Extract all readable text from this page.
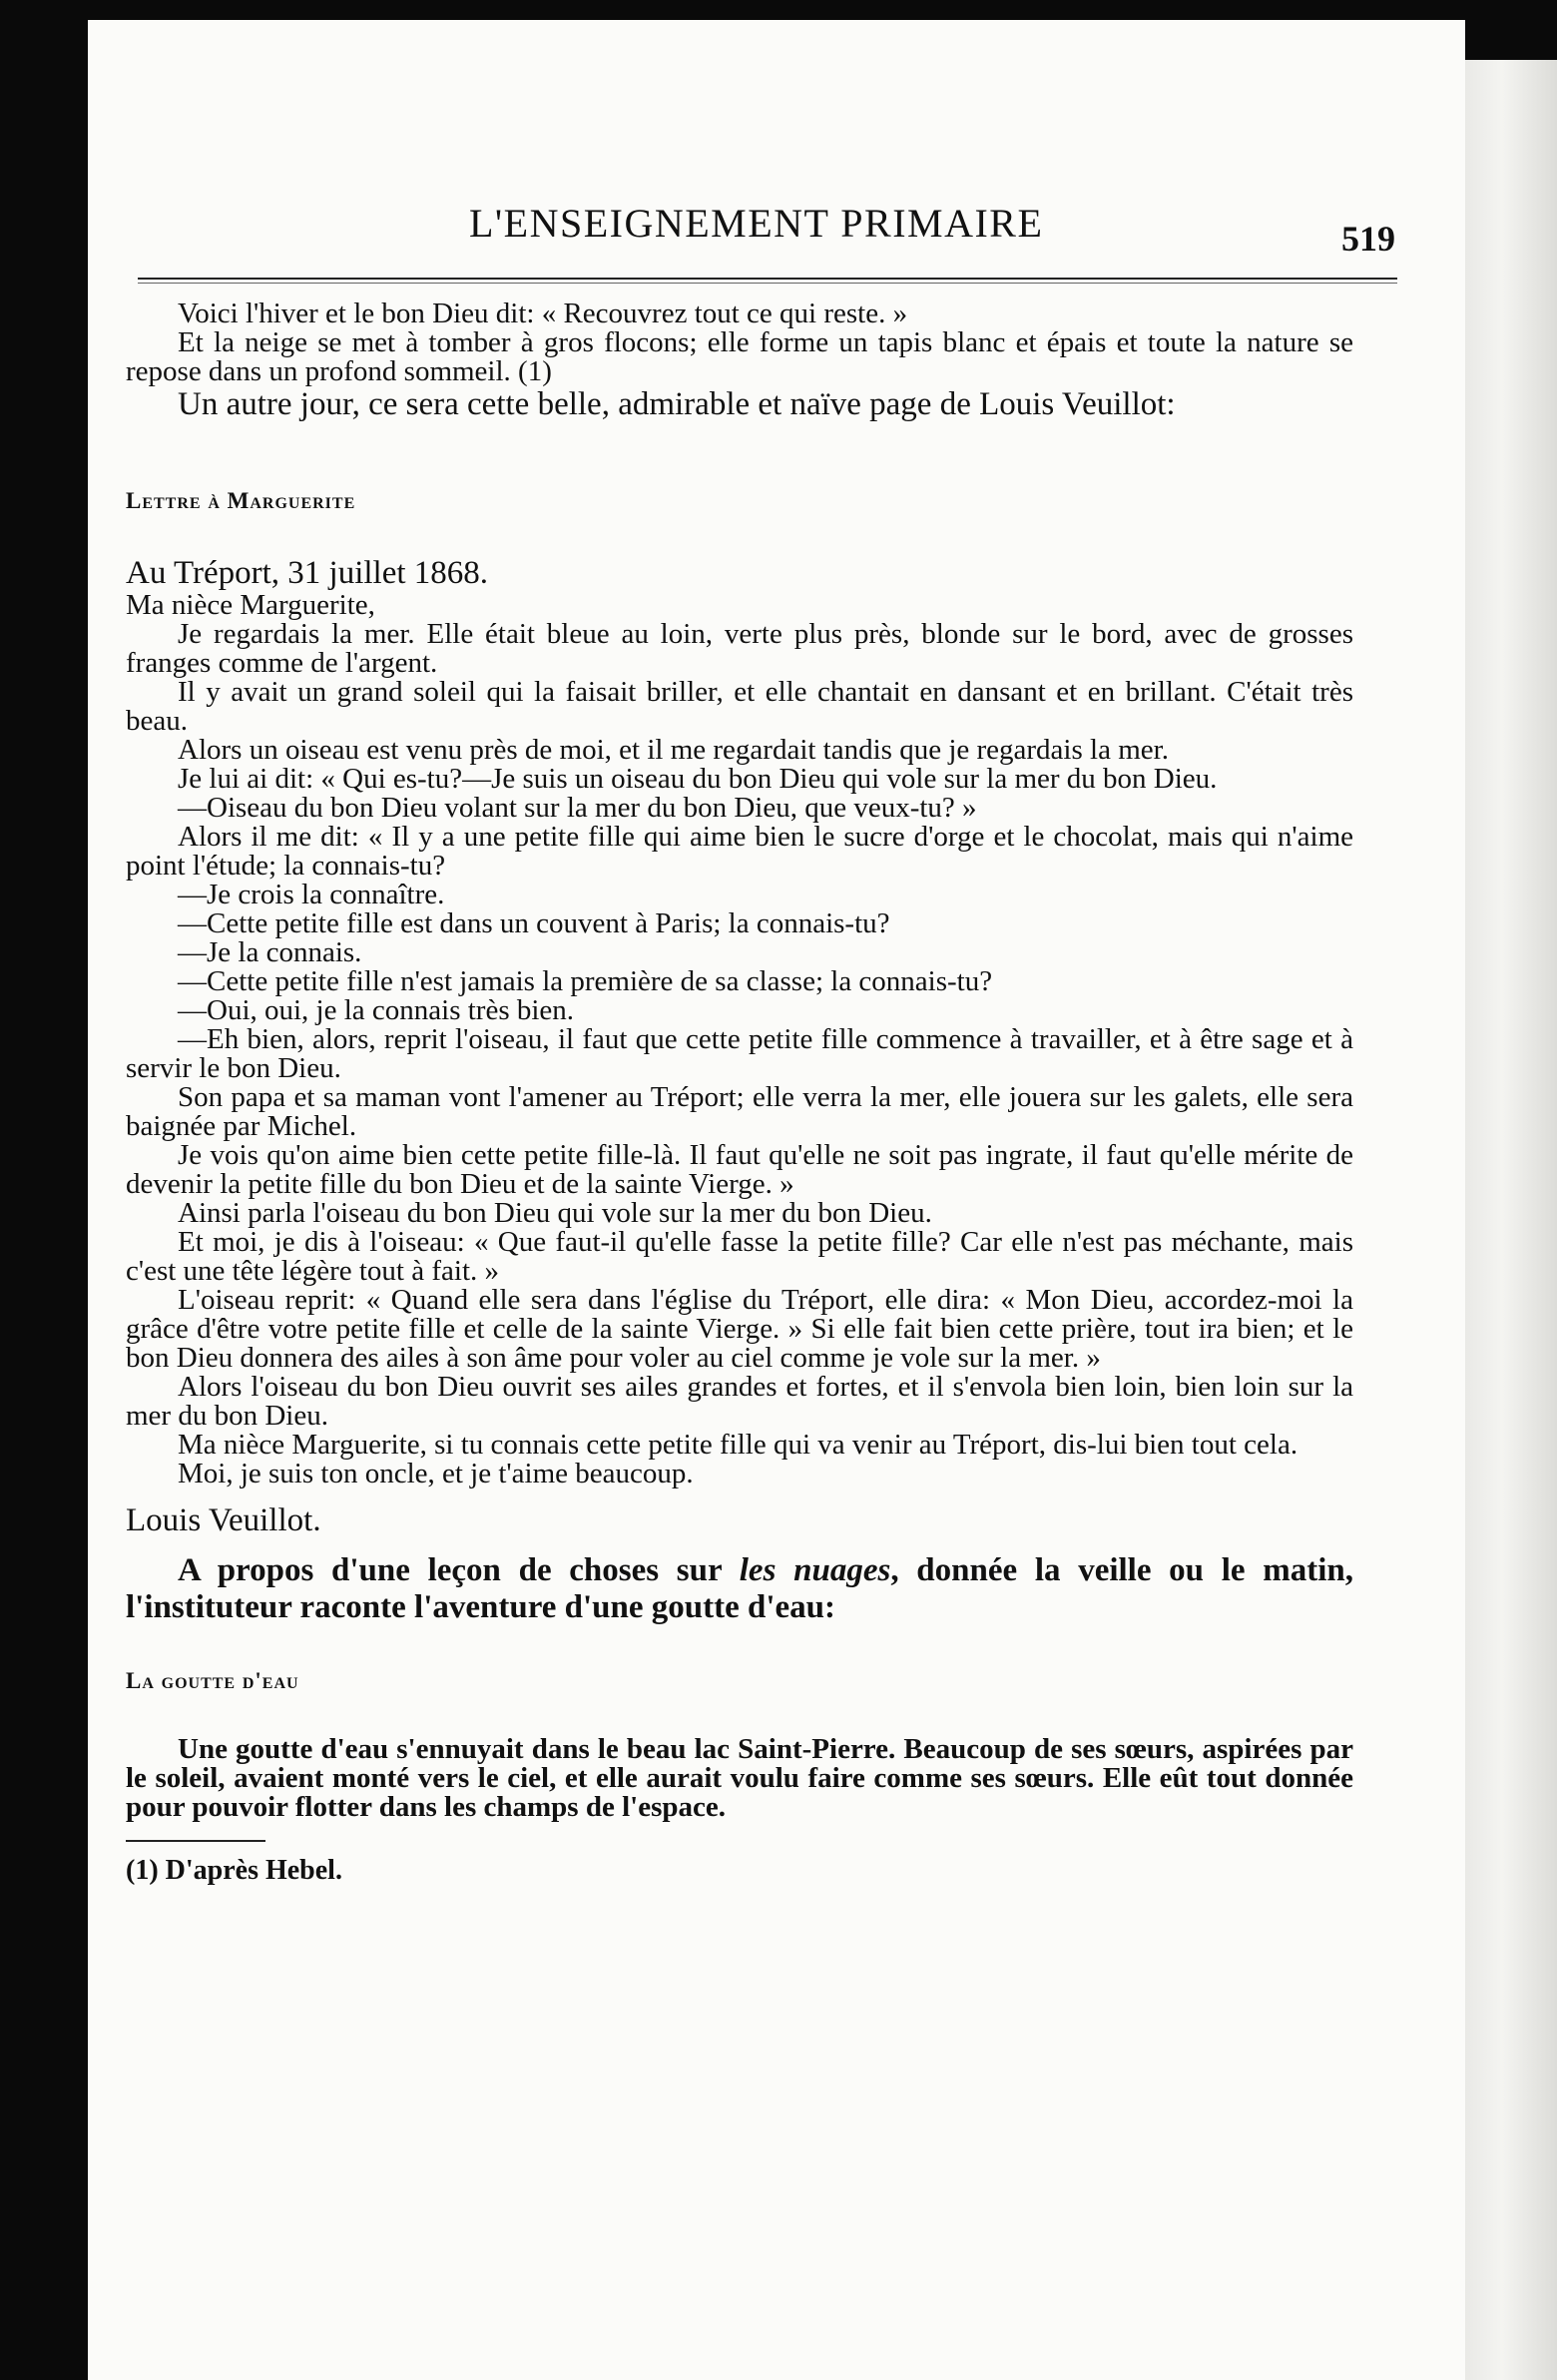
L'ENSEIGNEMENT PRIMAIRE	519

Voici l'hiver et le bon Dieu dit: « Recouvrez tout ce qui reste. »

Et la neige se met à tomber à gros flocons; elle forme un tapis blanc et épais et toute la nature se repose dans un profond sommeil. (1)

Un autre jour, ce sera cette belle, admirable et naïve page de Louis Veuillot:

Lettre à Marguerite

Au Tréport, 31 juillet 1868.

Ma nièce Marguerite,

Je regardais la mer. Elle était bleue au loin, verte plus près, blonde sur le bord, avec de grosses franges comme de l'argent.

Il y avait un grand soleil qui la faisait briller, et elle chantait en dansant et en brillant. C'était très beau.

Alors un oiseau est venu près de moi, et il me regardait tandis que je regardais la mer.

Je lui ai dit: « Qui es-tu?—Je suis un oiseau du bon Dieu qui vole sur la mer du bon Dieu.

—Oiseau du bon Dieu volant sur la mer du bon Dieu, que veux-tu? »

Alors il me dit: « Il y a une petite fille qui aime bien le sucre d'orge et le chocolat, mais qui n'aime point l'étude; la connais-tu?

—Je crois la connaître.

—Cette petite fille est dans un couvent à Paris; la connais-tu?

—Je la connais.

—Cette petite fille n'est jamais la première de sa classe; la connais-tu?

—Oui, oui, je la connais très bien.

—Eh bien, alors, reprit l'oiseau, il faut que cette petite fille commence à travailler, et à être sage et à servir le bon Dieu.

Son papa et sa maman vont l'amener au Tréport; elle verra la mer, elle jouera sur les galets, elle sera baignée par Michel.

Je vois qu'on aime bien cette petite fille-là. Il faut qu'elle ne soit pas ingrate, il faut qu'elle mérite de devenir la petite fille du bon Dieu et de la sainte Vierge. »

Ainsi parla l'oiseau du bon Dieu qui vole sur la mer du bon Dieu.

Et moi, je dis à l'oiseau: « Que faut-il qu'elle fasse la petite fille? Car elle n'est pas méchante, mais c'est une tête légère tout à fait. »

L'oiseau reprit: « Quand elle sera dans l'église du Tréport, elle dira: « Mon Dieu, accordez-moi la grâce d'être votre petite fille et celle de la sainte Vierge. » Si elle fait bien cette prière, tout ira bien; et le bon Dieu donnera des ailes à son âme pour voler au ciel comme je vole sur la mer. »

Alors l'oiseau du bon Dieu ouvrit ses ailes grandes et fortes, et il s'envola bien loin, bien loin sur la mer du bon Dieu.

Ma nièce Marguerite, si tu connais cette petite fille qui va venir au Tréport, dis-lui bien tout cela.

Moi, je suis ton oncle, et je t'aime beaucoup.

Louis Veuillot.

A propos d'une leçon de choses sur les nuages, donnée la veille ou le matin, l'instituteur raconte l'aventure d'une goutte d'eau:

La goutte d'eau

Une goutte d'eau s'ennuyait dans le beau lac Saint-Pierre. Beaucoup de ses sœurs, aspirées par le soleil, avaient monté vers le ciel, et elle aurait voulu faire comme ses sœurs. Elle eût tout donnée pour pouvoir flotter dans les champs de l'espace.

(1) D'après Hebel.
